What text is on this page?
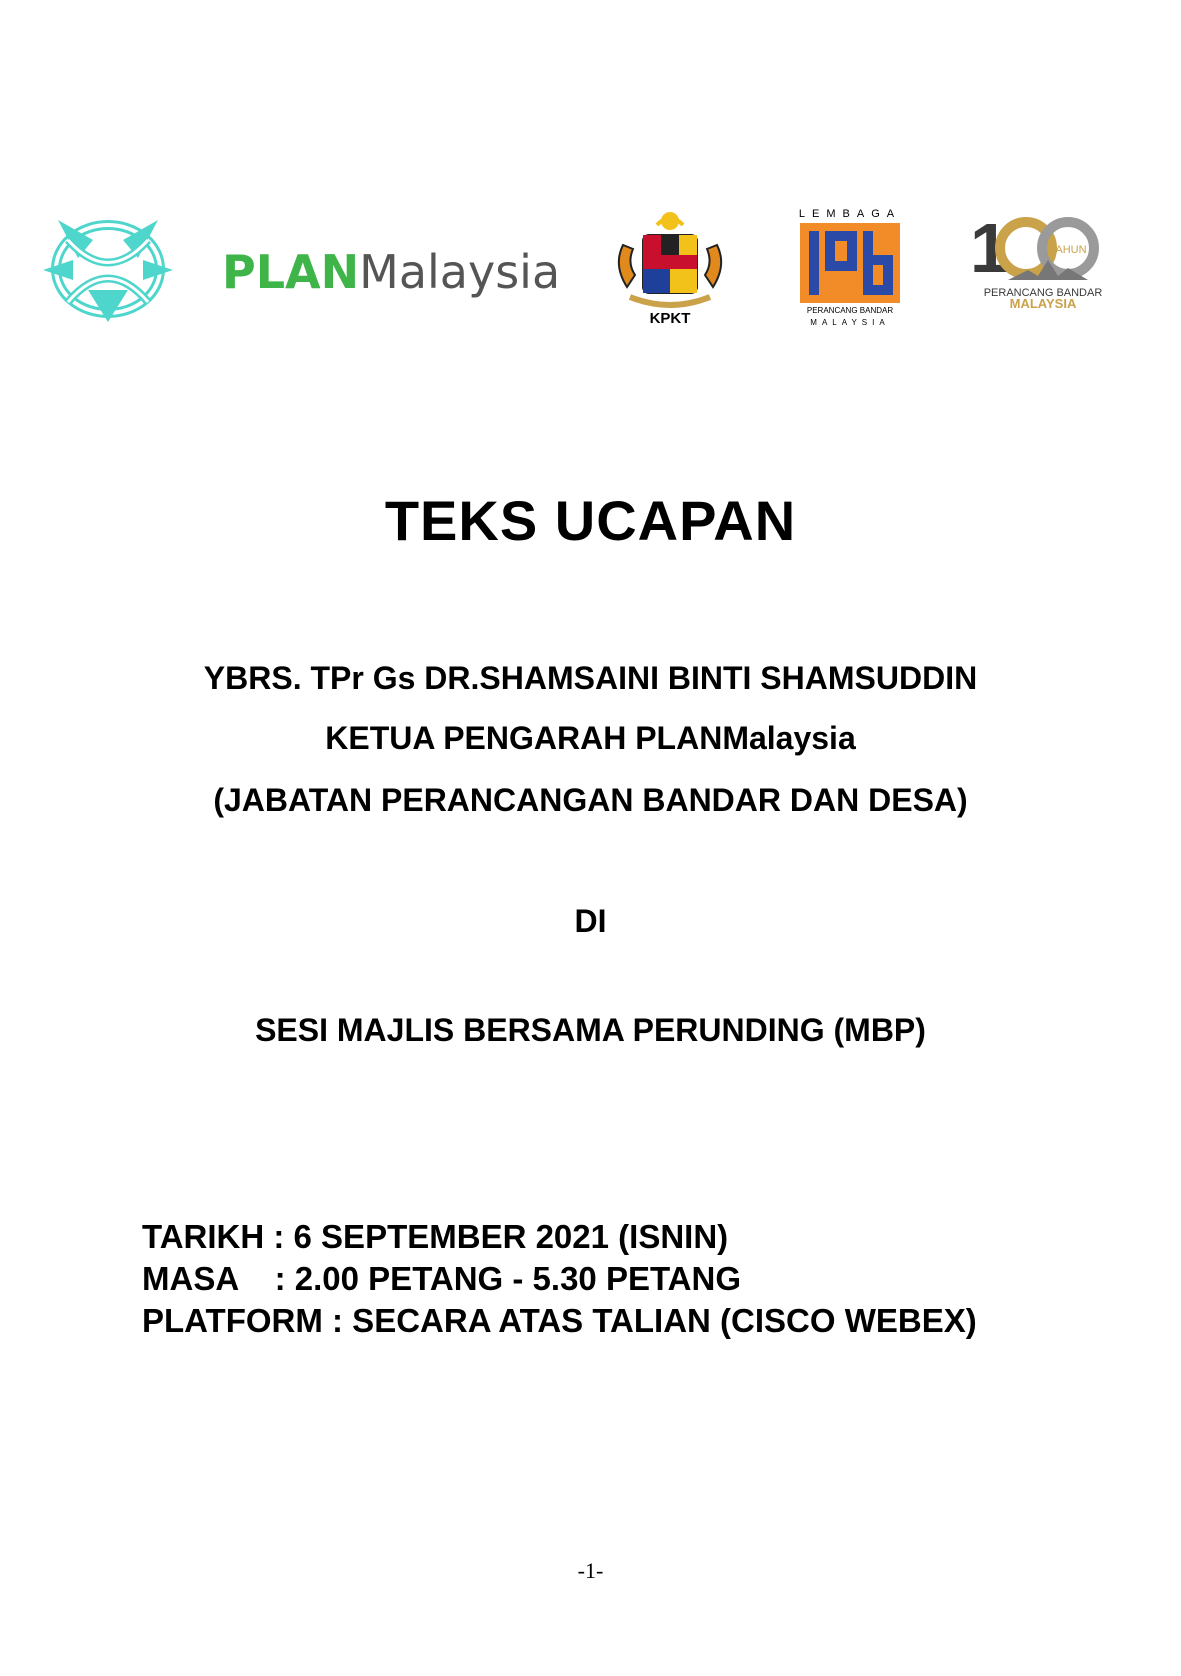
PLANMalaysia
KPKT
LEMBAGA
PERANCANG BANDAR
MALAYSIA
1	TAHUN
PERANCANG BANDAR
MALAYSIA
TEKS UCAPAN
YBRS. TPr Gs DR.SHAMSAINI BINTI SHAMSUDDIN
KETUA PENGARAH PLANMalaysia
(JABATAN PERANCANGAN BANDAR DAN DESA)
DI
SESI MAJLIS BERSAMA PERUNDING (MBP)
TARIKH : 6 SEPTEMBER 2021 (ISNIN)
MASA    : 2.00 PETANG - 5.30 PETANG
PLATFORM : SECARA ATAS TALIAN (CISCO WEBEX)
-1-
